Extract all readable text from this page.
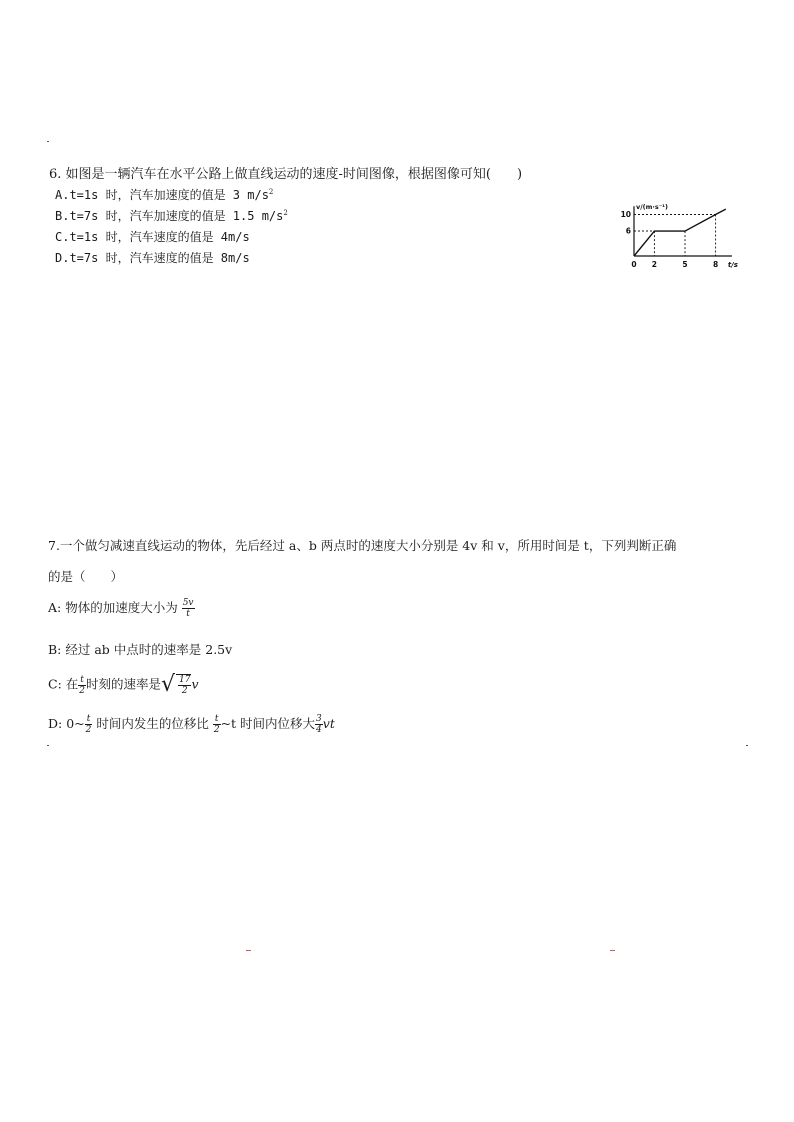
6. 如图是一辆汽车在水平公路上做直线运动的速度-时间图像，根据图像可知(　　)
A.t=1s 时，汽车加速度的值是 3 $m/s^2$
B.t=7s 时，汽车加速度的值是 1.5 $m/s^2$
C.t=1s 时，汽车速度的值是 4m/s
D.t=7s 时，汽车速度的值是 8m/s	0 2	5	8
6
10
v/(m·s⁻¹)
t/s
7.一个做匀减速直线运动的物体，先后经过 a、b 两点时的速度大小分别是 4v 和 v，所用时间是 t，下列判断正确
的是（　　）
A: 物体的加速度大小为 $\frac{5v}{t}$
B: 经过 ab 中点时的速率是 2.5v
C: 在 $\frac{t}{2}$ 时刻的速率是√ $\frac{17}{2}$ v
D: 0~ $\frac{t}{2}$ 时间内发生的位移比 $\frac{t}{2}$ ~t 时间内位移大 $\frac{3}{4}$ vt
